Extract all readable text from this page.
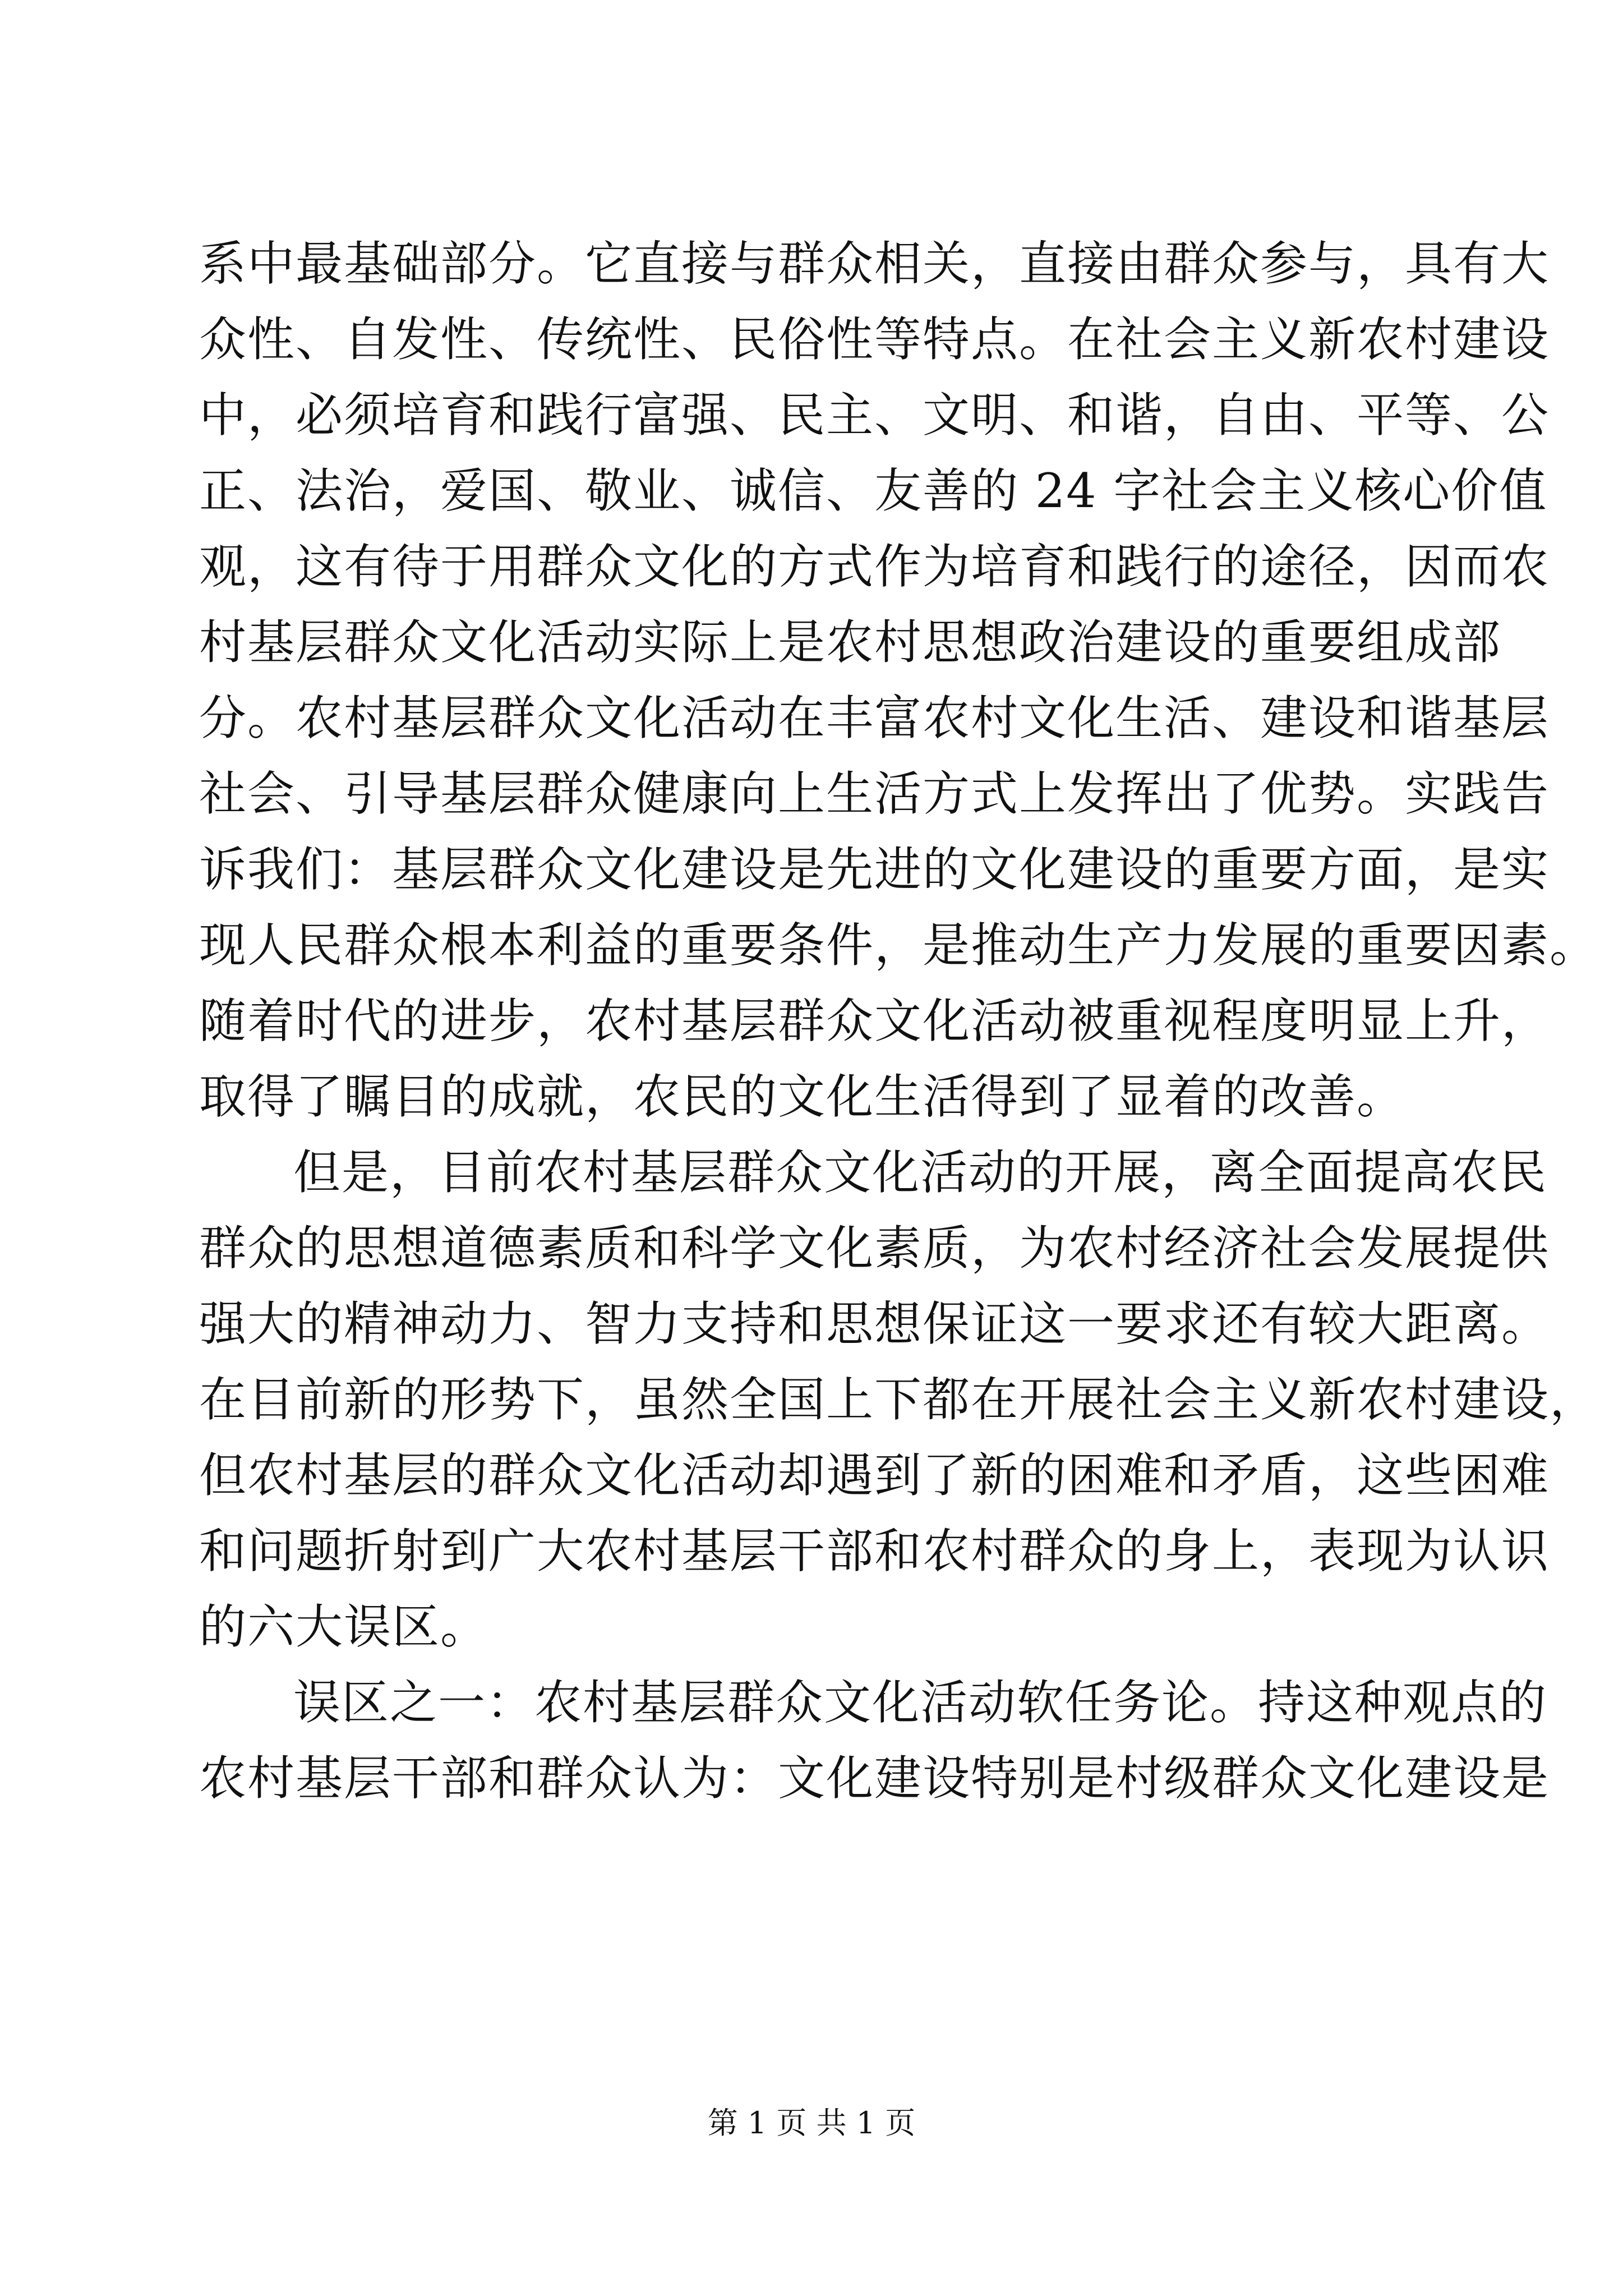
系中最基础部分。它直接与群众相关，直接由群众参与，具有大
众性、自发性、传统性、民俗性等特点。在社会主义新农村建设
中，必须培育和践行富强、民主、文明、和谐，自由、平等、公
正、法治，爱国、敬业、诚信、友善的 24 字社会主义核心价值
观，这有待于用群众文化的方式作为培育和践行的途径，因而农
村基层群众文化活动实际上是农村思想政治建设的重要组成部
分。农村基层群众文化活动在丰富农村文化生活、建设和谐基层
社会、引导基层群众健康向上生活方式上发挥出了优势。实践告
诉我们：基层群众文化建设是先进的文化建设的重要方面，是实
现人民群众根本利益的重要条件，是推动生产力发展的重要因素。
随着时代的进步，农村基层群众文化活动被重视程度明显上升，
取得了瞩目的成就，农民的文化生活得到了显着的改善。
但是，目前农村基层群众文化活动的开展，离全面提高农民
群众的思想道德素质和科学文化素质，为农村经济社会发展提供
强大的精神动力、智力支持和思想保证这一要求还有较大距离。
在目前新的形势下，虽然全国上下都在开展社会主义新农村建设，
但农村基层的群众文化活动却遇到了新的困难和矛盾，这些困难
和问题折射到广大农村基层干部和农村群众的身上，表现为认识
的六大误区。
误区之一：农村基层群众文化活动软任务论。持这种观点的
农村基层干部和群众认为：文化建设特别是村级群众文化建设是
第 1 页 共 1 页
